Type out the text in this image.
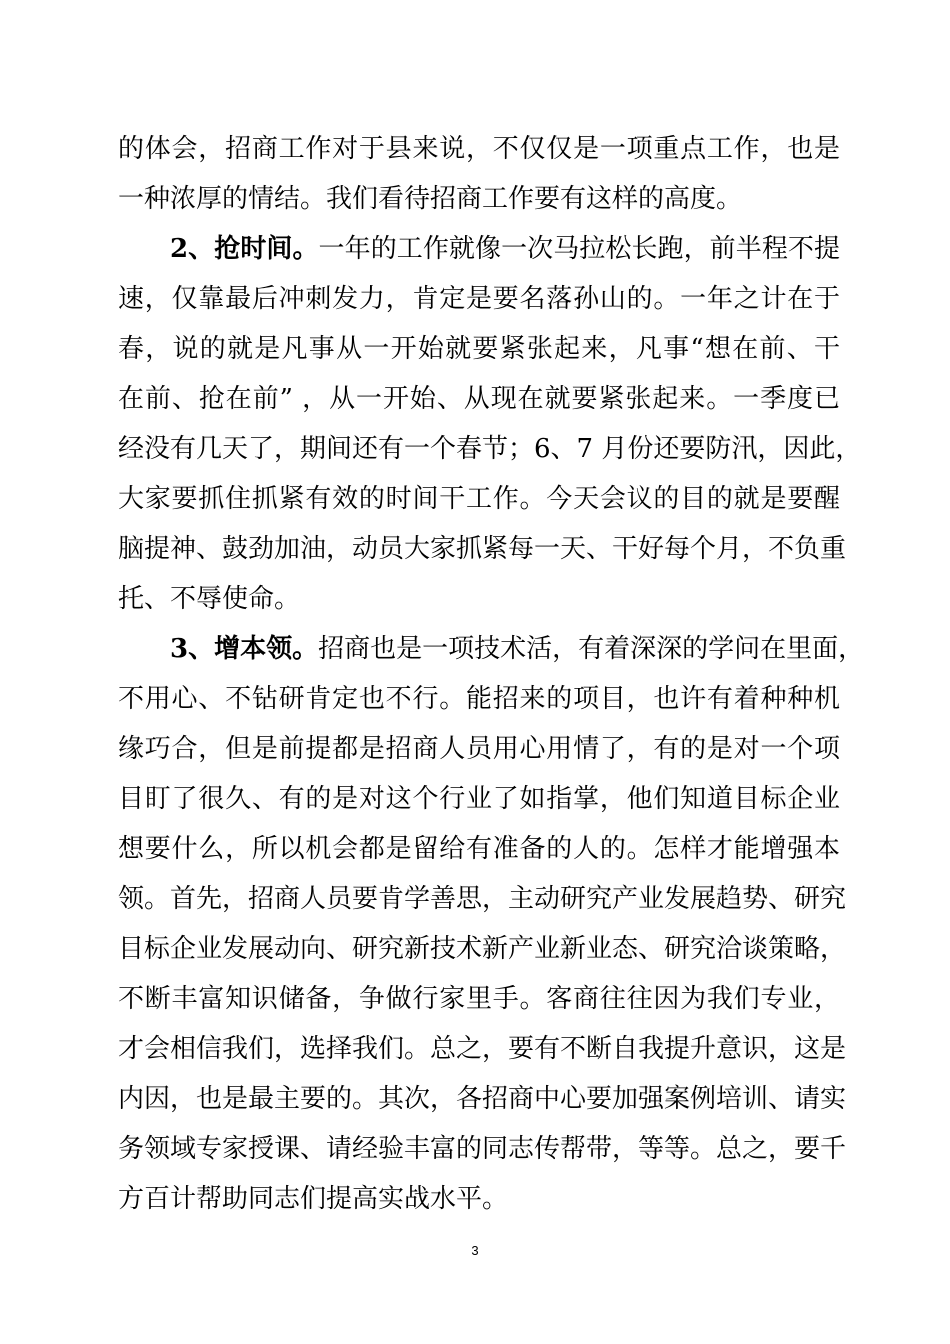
的体会，招商工作对于县来说，不仅仅是一项重点工作，也是
一种浓厚的情结。我们看待招商工作要有这样的高度。
2、抢时间。一年的工作就像一次马拉松长跑，前半程不提
速，仅靠最后冲刺发力，肯定是要名落孙山的。一年之计在于
春，说的就是凡事从一开始就要紧张起来，凡事“想在前、干
在前、抢在前” ，从一开始、从现在就要紧张起来。一季度已
经没有几天了，期间还有一个春节；6、7 月份还要防汛，因此，
大家要抓住抓紧有效的时间干工作。今天会议的目的就是要醒
脑提神、鼓劲加油，动员大家抓紧每一天、干好每个月，不负重
托、不辱使命。
3、增本领。招商也是一项技术活，有着深深的学问在里面，
不用心、不钻研肯定也不行。能招来的项目，也许有着种种机
缘巧合，但是前提都是招商人员用心用情了，有的是对一个项
目盯了很久、有的是对这个行业了如指掌，他们知道目标企业
想要什么，所以机会都是留给有准备的人的。怎样才能增强本
领。首先，招商人员要肯学善思，主动研究产业发展趋势、研究
目标企业发展动向、研究新技术新产业新业态、研究洽谈策略，
不断丰富知识储备，争做行家里手。客商往往因为我们专业，
才会相信我们，选择我们。总之，要有不断自我提升意识，这是
内因，也是最主要的。其次，各招商中心要加强案例培训、请实
务领域专家授课、请经验丰富的同志传帮带，等等。总之，要千
方百计帮助同志们提高实战水平。
3
